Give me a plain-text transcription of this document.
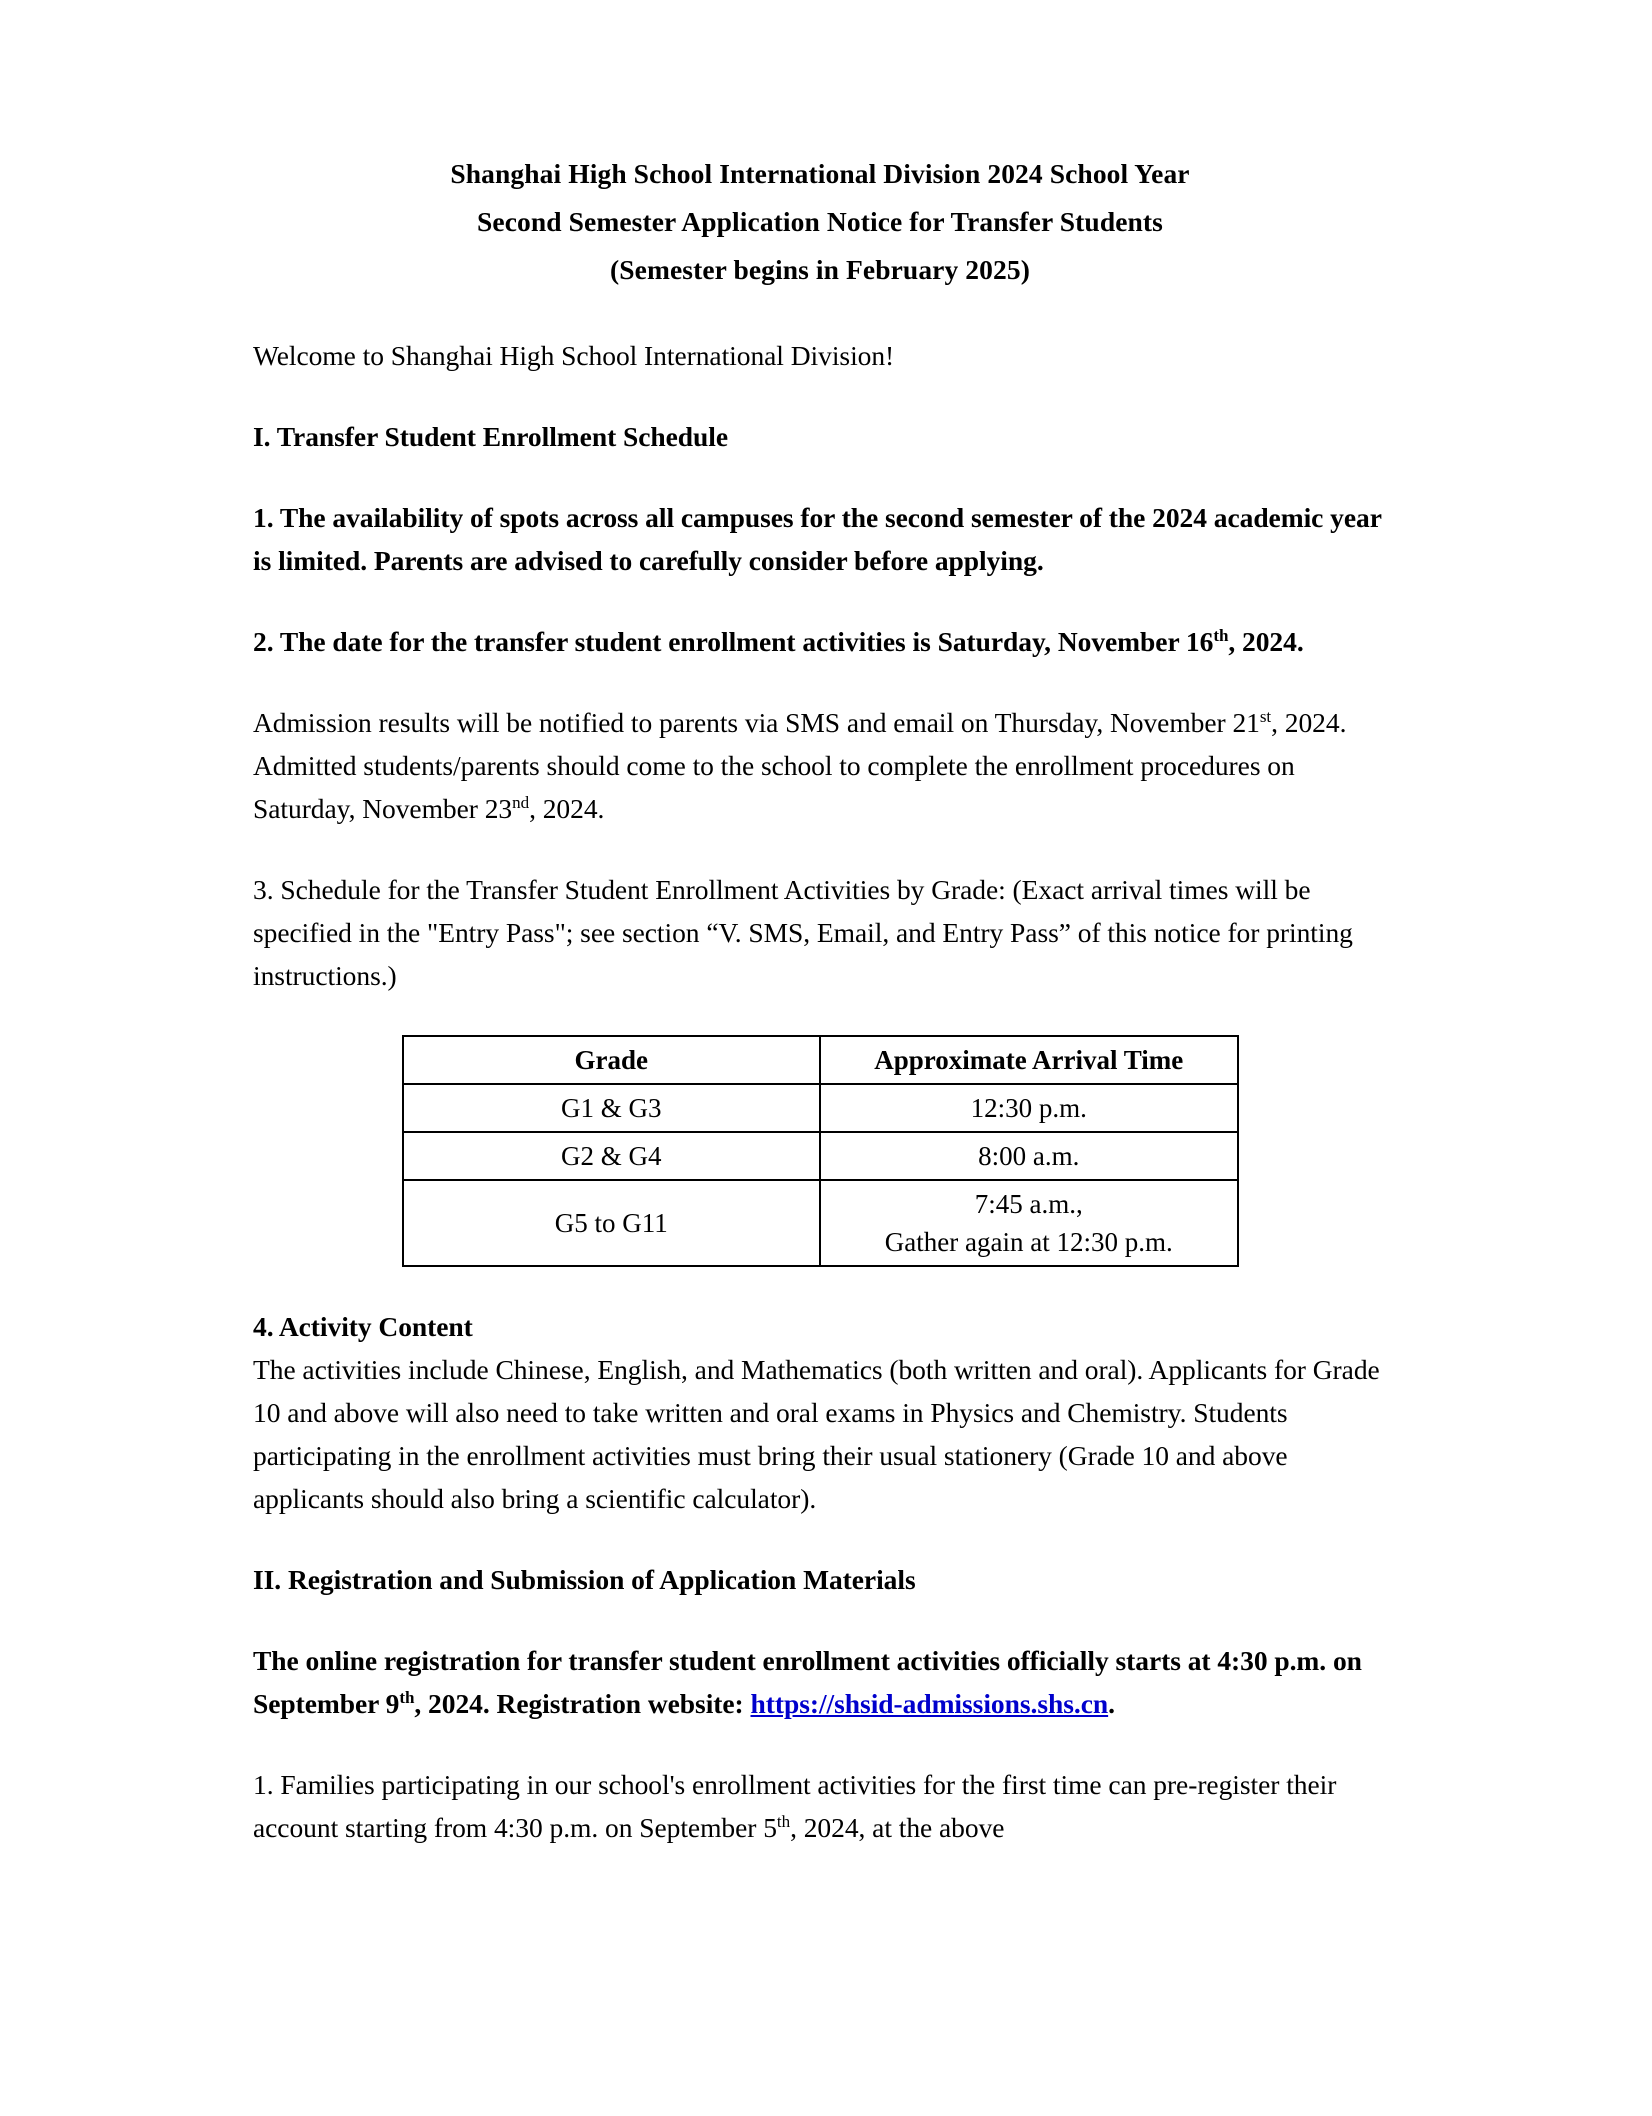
Shanghai High School International Division 2024 School Year
Second Semester Application Notice for Transfer Students
(Semester begins in February 2025)

Welcome to Shanghai High School International Division!

I. Transfer Student Enrollment Schedule

1. The availability of spots across all campuses for the second semester of the 2024 academic year is limited. Parents are advised to carefully consider before applying.

2. The date for the transfer student enrollment activities is Saturday, November 16th, 2024.

Admission results will be notified to parents via SMS and email on Thursday, November 21st, 2024. Admitted students/parents should come to the school to complete the enrollment procedures on Saturday, November 23nd, 2024.

3. Schedule for the Transfer Student Enrollment Activities by Grade: (Exact arrival times will be specified in the "Entry Pass"; see section “V. SMS, Email, and Entry Pass” of this notice for printing instructions.)

Grade	Approximate Arrival Time
G1 & G3	12:30 p.m.
G2 & G4	8:00 a.m.
G5 to G11	7:45 a.m.,
Gather again at 12:30 p.m.

4. Activity Content

The activities include Chinese, English, and Mathematics (both written and oral). Applicants for Grade 10 and above will also need to take written and oral exams in Physics and Chemistry. Students participating in the enrollment activities must bring their usual stationery (Grade 10 and above applicants should also bring a scientific calculator).

II. Registration and Submission of Application Materials

The online registration for transfer student enrollment activities officially starts at 4:30 p.m. on September 9th, 2024. Registration website: https://shsid-admissions.shs.cn.

1. Families participating in our school's enrollment activities for the first time can pre-register their account starting from 4:30 p.m. on September 5th, 2024, at the above
